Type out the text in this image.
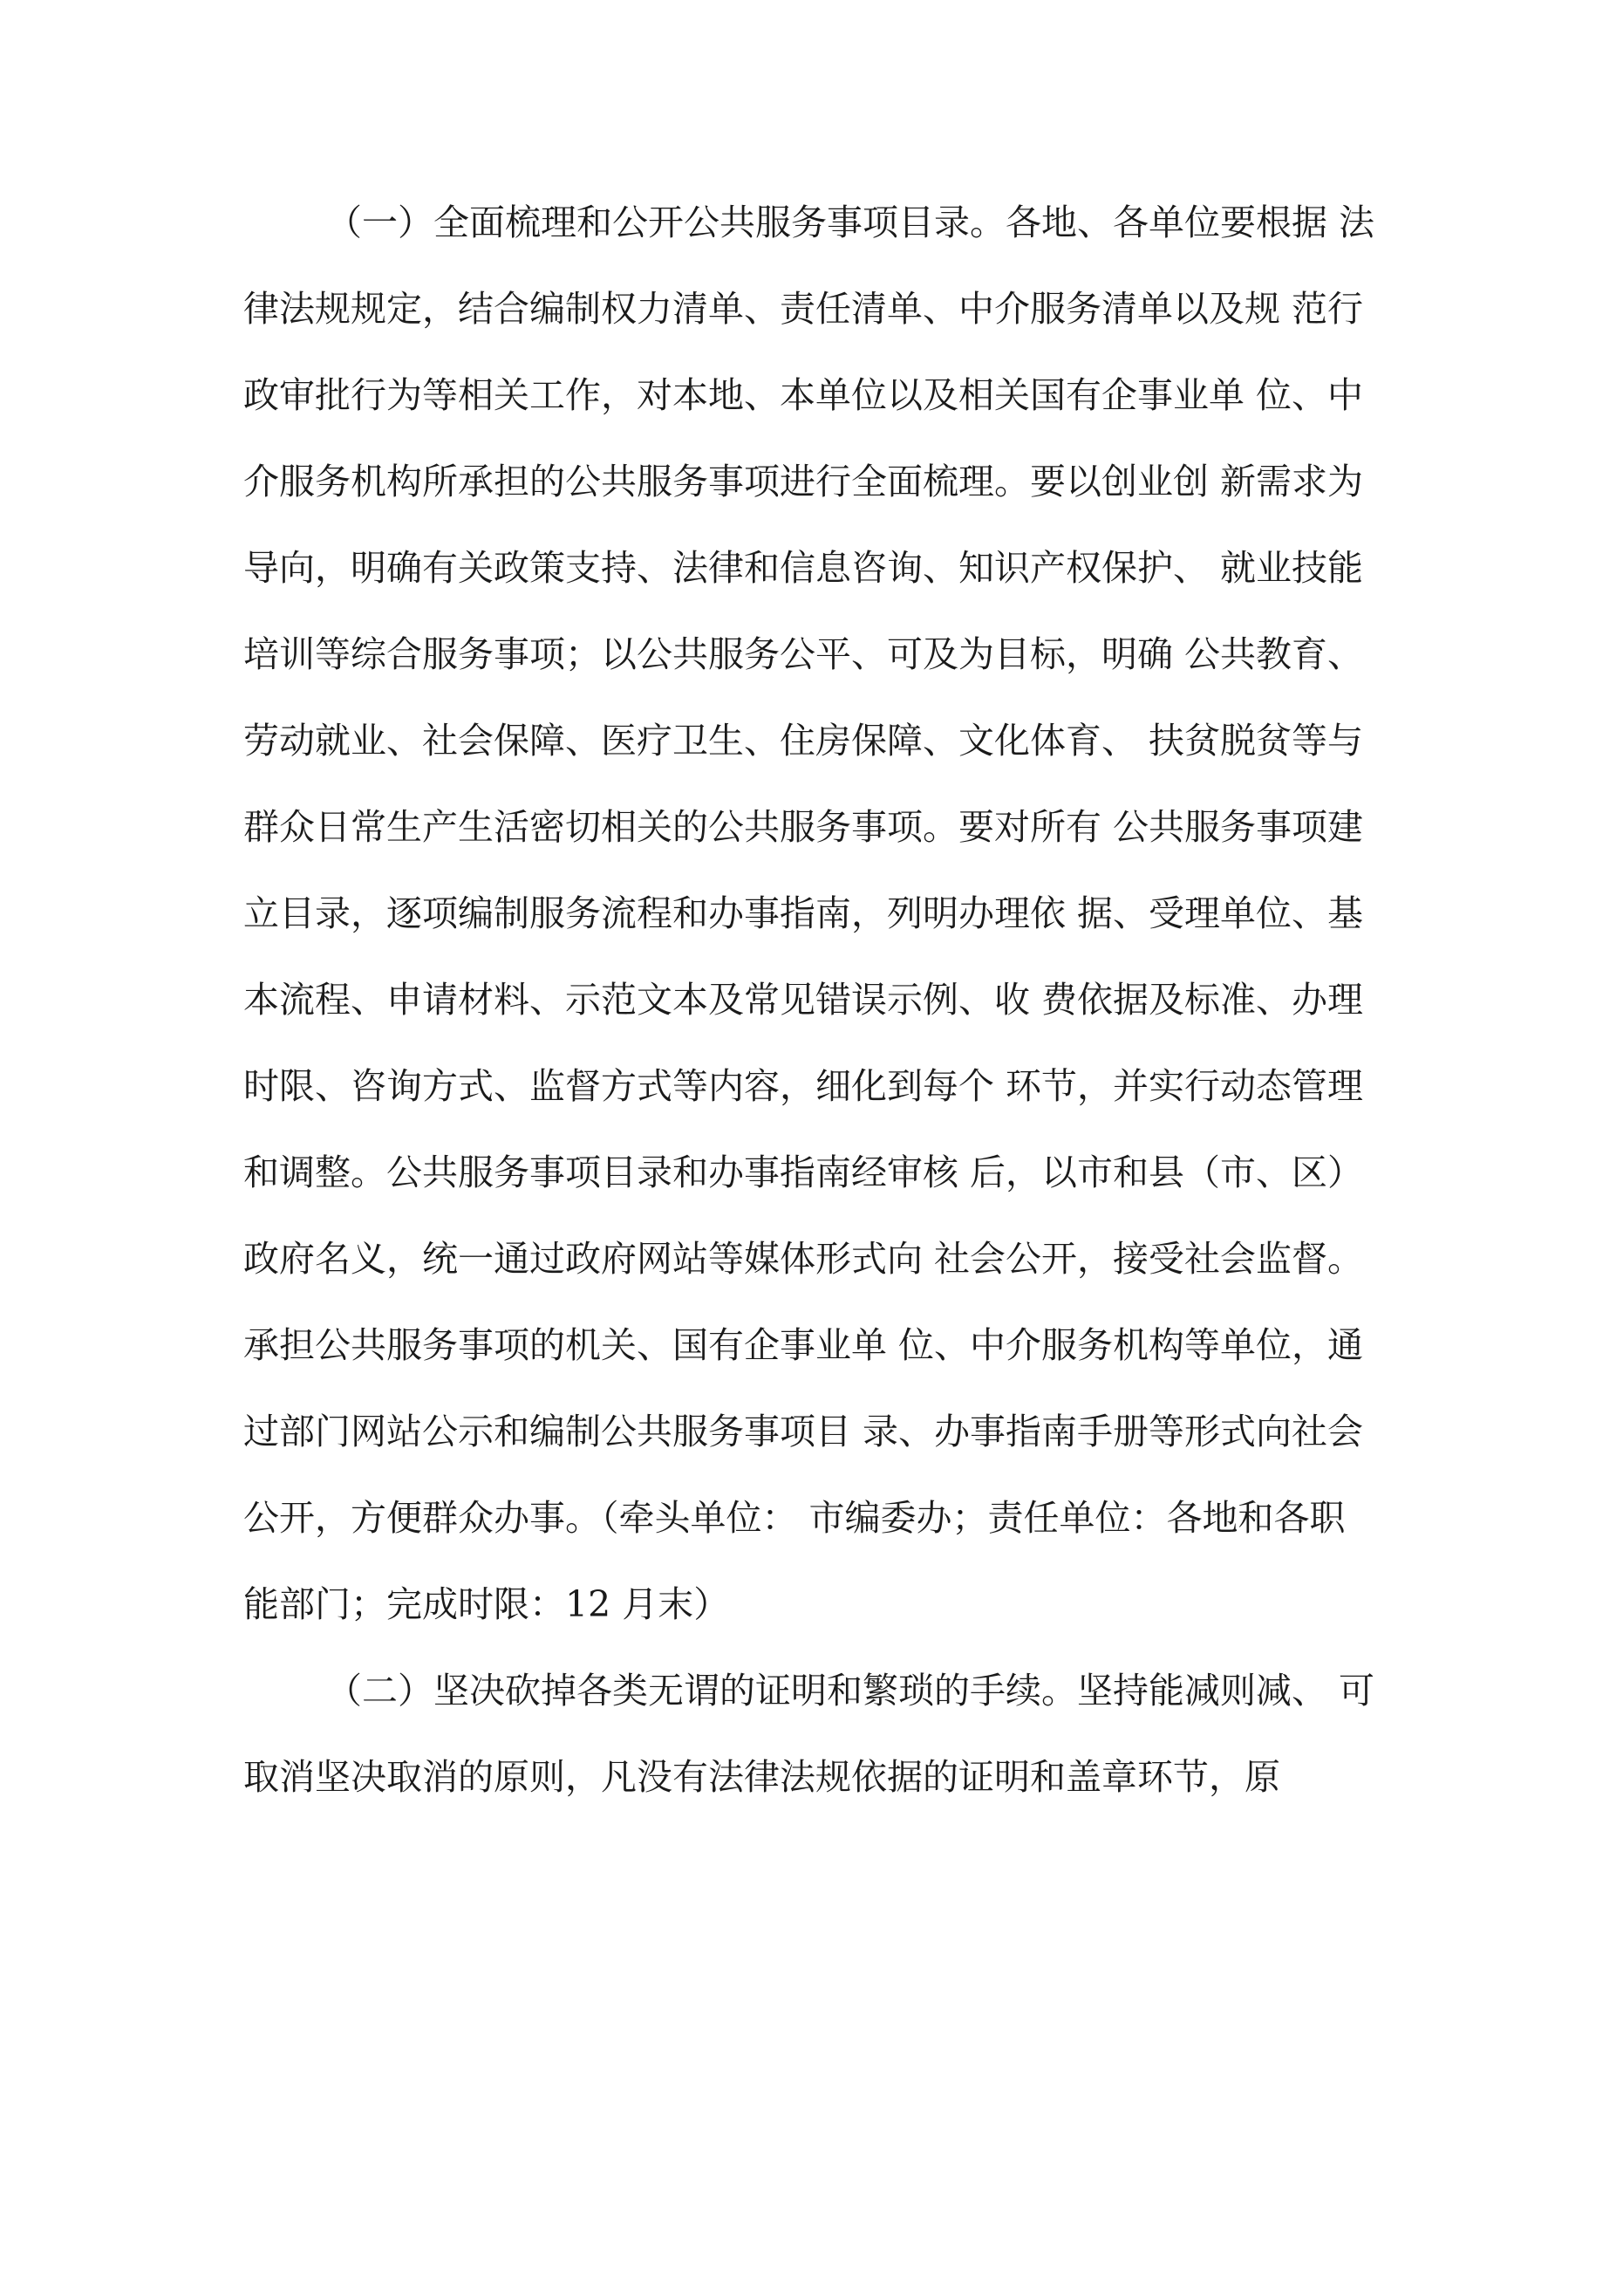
（一）全面梳理和公开公共服务事项目录。各地、各单位要根据 法

律法规规定，结合编制权力清单、责任清单、中介服务清单以及规 范行

政审批行为等相关工作，对本地、本单位以及相关国有企事业单 位、中

介服务机构所承担的公共服务事项进行全面梳理。要以创业创 新需求为

导向，明确有关政策支持、法律和信息咨询、知识产权保护、 就业技能

培训等综合服务事项；以公共服务公平、可及为目标，明确 公共教育、

劳动就业、社会保障、医疗卫生、住房保障、文化体育、 扶贫脱贫等与

群众日常生产生活密切相关的公共服务事项。要对所有 公共服务事项建

立目录，逐项编制服务流程和办事指南，列明办理依 据、受理单位、基

本流程、申请材料、示范文本及常见错误示例、收 费依据及标准、办理

时限、咨询方式、监督方式等内容，细化到每个 环节，并实行动态管理

和调整。公共服务事项目录和办事指南经审核 后，以市和县（市、区）

政府名义，统一通过政府网站等媒体形式向 社会公开，接受社会监督。

承担公共服务事项的机关、国有企事业单 位、中介服务机构等单位，通

过部门网站公示和编制公共服务事项目 录、办事指南手册等形式向社会

公开，方便群众办事。（牵头单位： 市编委办；责任单位：各地和各职

能部门；完成时限：12 月末）

（二）坚决砍掉各类无谓的证明和繁琐的手续。坚持能减则减、 可

取消坚决取消的原则，凡没有法律法规依据的证明和盖章环节，原
